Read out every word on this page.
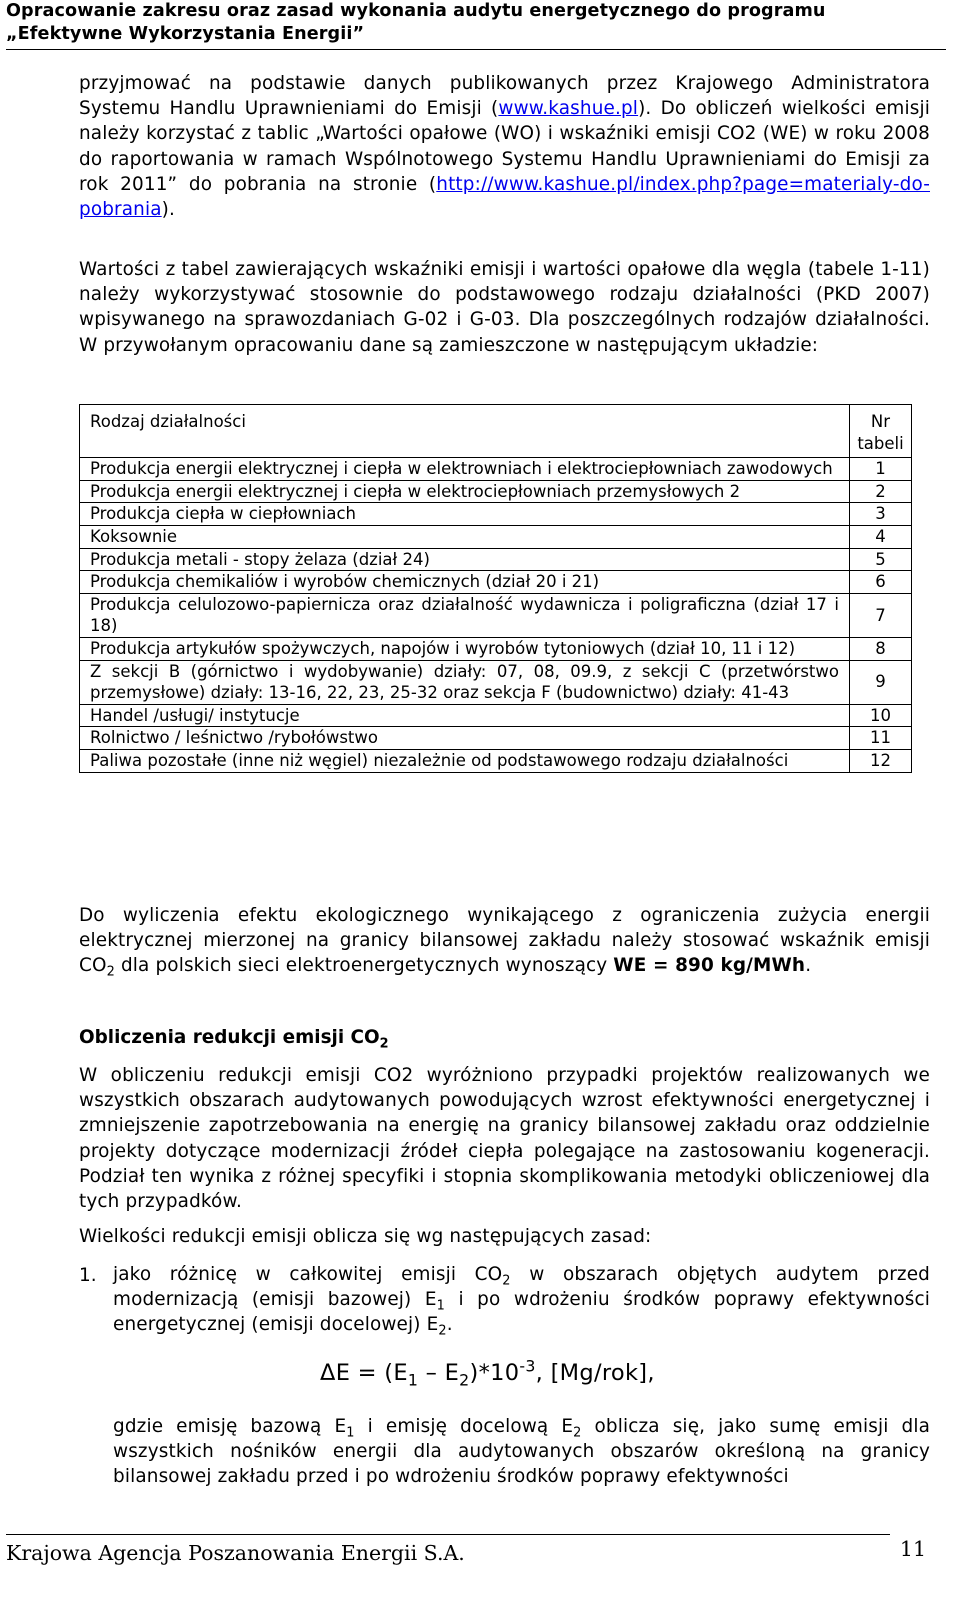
Opracowanie zakresu oraz zasad wykonania audytu energetycznego do programu
„Efektywne Wykorzystania Energii”

przyjmować na podstawie danych publikowanych przez Krajowego Administratora Systemu Handlu Uprawnieniami do Emisji (www.kashue.pl). Do obliczeń wielkości emisji należy korzystać z tablic „Wartości opałowe (WO) i wskaźniki emisji CO2 (WE) w roku 2008 do raportowania w ramach Wspólnotowego Systemu Handlu Uprawnieniami do Emisji za rok 2011” do pobrania na stronie (http://www.kashue.pl/index.php?page=materialy-do-pobrania).

Wartości z tabel zawierających wskaźniki emisji i wartości opałowe dla węgla (tabele 1-11) należy wykorzystywać stosownie do podstawowego rodzaju działalności (PKD 2007) wpisywanego na sprawozdaniach G-02 i G-03. Dla poszczególnych rodzajów działalności. W przywołanym opracowaniu dane są zamieszczone w następującym układzie:

Rodzaj działalności	Nr tabeli
Produkcja energii elektrycznej i ciepła w elektrowniach i elektrociepłowniach zawodowych	1
Produkcja energii elektrycznej i ciepła w elektrociepłowniach przemysłowych 2	2
Produkcja ciepła w ciepłowniach	3
Koksownie	4
Produkcja metali - stopy żelaza (dział 24)	5
Produkcja chemikaliów i wyrobów chemicznych (dział 20 i 21)	6
Produkcja celulozowo-papiernicza oraz działalność wydawnicza i poligraficzna (dział 17 i 18)	7
Produkcja artykułów spożywczych, napojów i wyrobów tytoniowych (dział 10, 11 i 12)	8
Z sekcji B (górnictwo i wydobywanie) działy: 07, 08, 09.9, z sekcji C (przetwórstwo przemysłowe) działy: 13-16, 22, 23, 25-32 oraz sekcja F (budownictwo) działy: 41-43	9
Handel /usługi/ instytucje	10
Rolnictwo / leśnictwo /rybołówstwo	11
Paliwa pozostałe (inne niż węgiel) niezależnie od podstawowego rodzaju działalności	12

Do wyliczenia efektu ekologicznego wynikającego z ograniczenia zużycia energii elektrycznej mierzonej na granicy bilansowej zakładu należy stosować wskaźnik emisji $CO_2$ dla polskich sieci elektroenergetycznych wynoszący WE = 890 kg/MWh.

Obliczenia redukcji emisji $CO_2$

W obliczeniu redukcji emisji CO2 wyróżniono przypadki projektów realizowanych we wszystkich obszarach audytowanych powodujących wzrost efektywności energetycznej i zmniejszenie zapotrzebowania na energię na granicy bilansowej zakładu oraz oddzielnie projekty dotyczące modernizacji źródeł ciepła polegające na zastosowaniu kogeneracji. Podział ten wynika z różnej specyfiki i stopnia skomplikowania metodyki obliczeniowej dla tych przypadków.

Wielkości redukcji emisji oblicza się wg następujących zasad:

1. jako różnicę w całkowitej emisji $CO_2$ w obszarach objętych audytem przed modernizacją (emisji bazowej) $E_1$ i po wdrożeniu środków poprawy efektywności energetycznej (emisji docelowej) $E_2$.

$\Delta E = (E_1 - E_2)*10^{-3}$, [Mg/rok],

gdzie emisję bazową $E_1$ i emisję docelową $E_2$ oblicza się, jako sumę emisji dla wszystkich nośników energii dla audytowanych obszarów określoną na granicy bilansowej zakładu przed i po wdrożeniu środków poprawy efektywności

Krajowa Agencja Poszanowania Energii S.A.	11
